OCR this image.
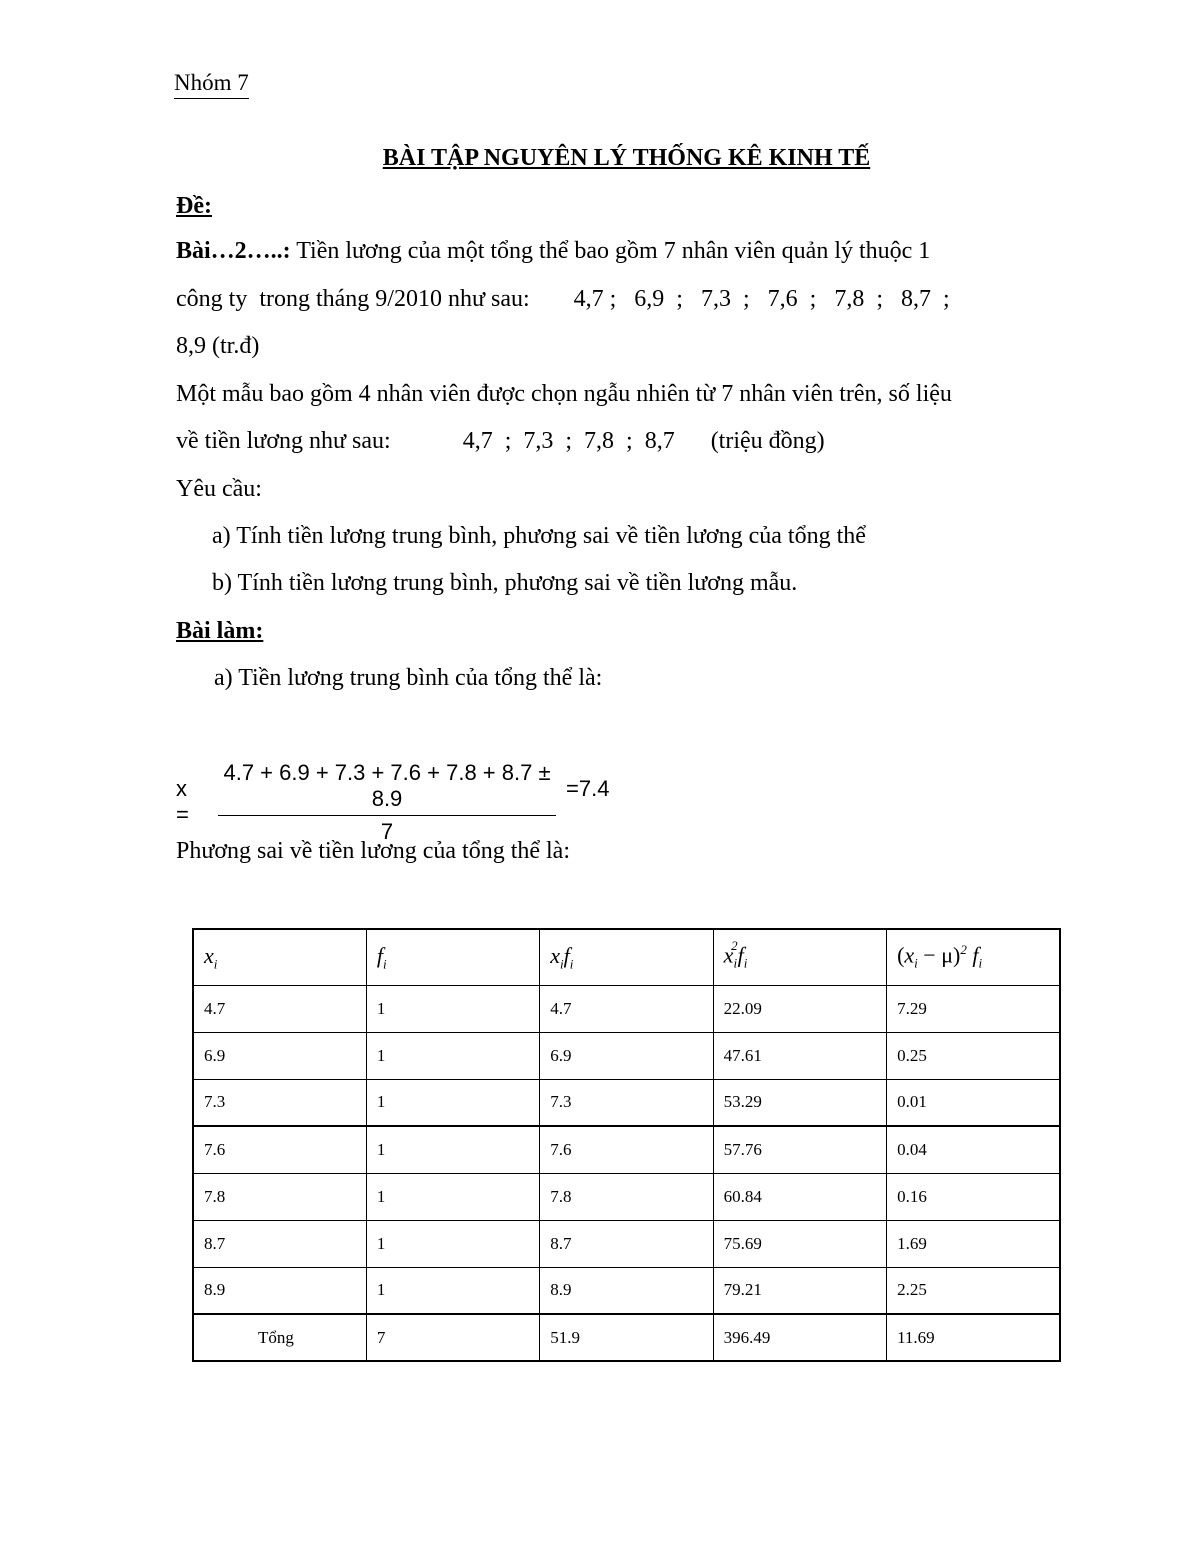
Nhóm 7
BÀI TẬP NGUYÊN LÝ THỐNG KÊ KINH TẾ
Đề:
Bài…2…..: Tiền lương của một tổng thể bao gồm 7 nhân viên quản lý thuộc 1
công ty  trong tháng 9/2010 như sau: 4,7 ;   6,9  ;   7,3  ;   7,6  ;   7,8  ;   8,7  ;
8,9 (tr.đ)
Một mẫu bao gồm 4 nhân viên được chọn ngẫu nhiên từ 7 nhân viên trên, số liệu
về tiền lương như sau:	4,7  ;  7,3  ;  7,8  ;  8,7      (triệu đồng)
Yêu cầu:
a) Tính tiền lương trung bình, phương sai về tiền lương của tổng thể
b) Tính tiền lương trung bình, phương sai về tiền lương mẫu.
Bài làm:
a) Tiền lương trung bình của tổng thể là:
$x = \frac{4.7 + 6.9 + 7.3 + 7.6 + 7.8 + 8.7 \pm 8.9}{7} =7.4$
Phương sai về tiền lương của tổng thể là:
$x_i$	$f_i$	$x_if_i$	$x_i^2f_i$	$(x_i - \mu)^2$ $f_i$
4.7	1	4.7	22.09	7.29
6.9	1	6.9	47.61	0.25
7.3	1	7.3	53.29	0.01
7.6	1	7.6	57.76	0.04
7.8	1	7.8	60.84	0.16
8.7	1	8.7	75.69	1.69
8.9	1	8.9	79.21	2.25
Tổng	7	51.9	396.49	11.69
